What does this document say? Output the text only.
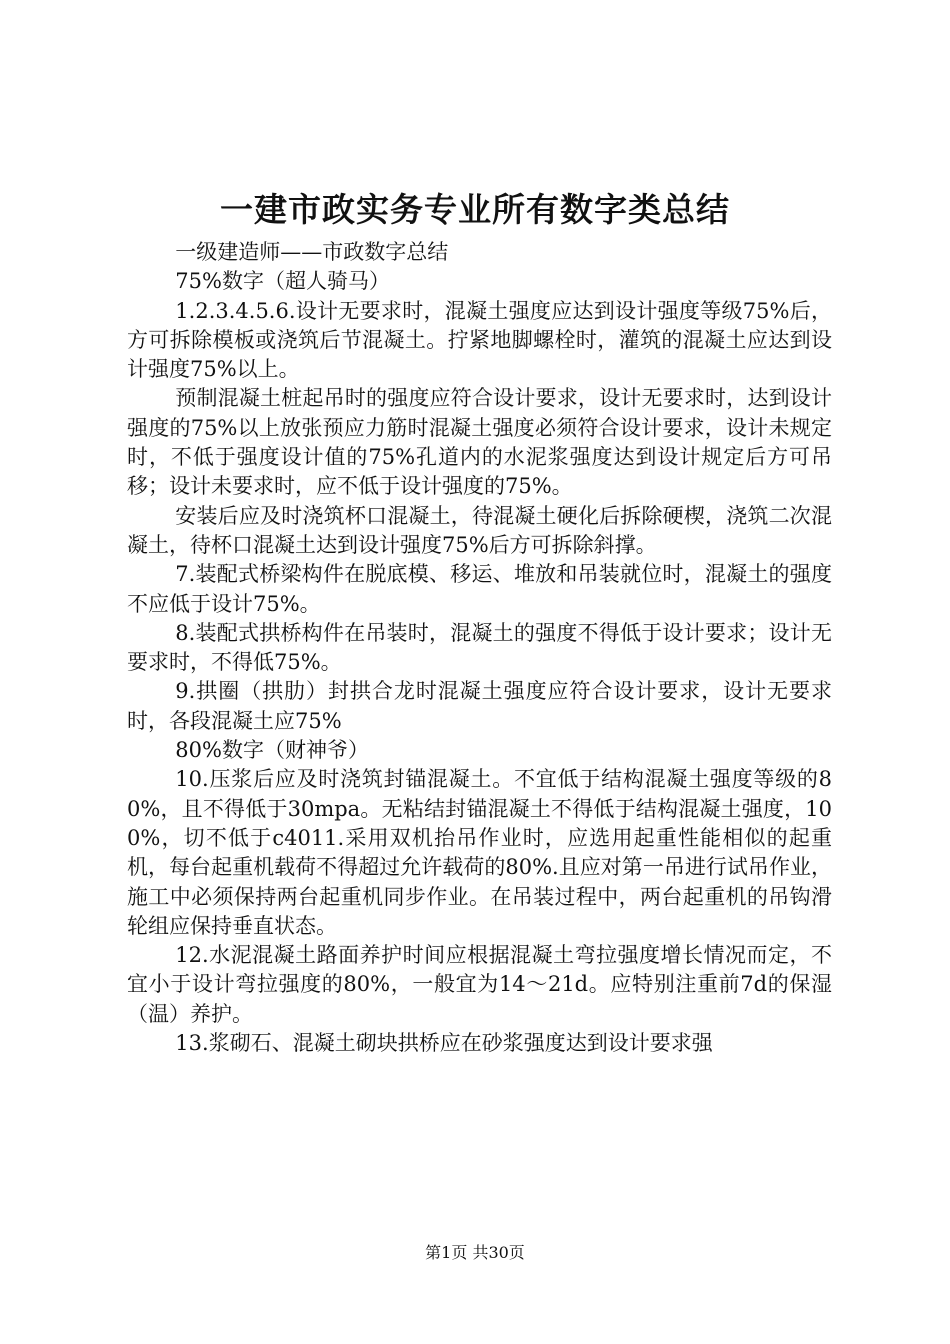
一建市政实务专业所有数字类总结

一级建造师——市政数字总结

75%数字（超人骑马）

1.2.3.4.5.6.设计无要求时，混凝土强度应达到设计强度等级75%后，方可拆除模板或浇筑后节混凝土。拧紧地脚螺栓时，灌筑的混凝土应达到设计强度75%以上。

预制混凝土桩起吊时的强度应符合设计要求，设计无要求时，达到设计强度的75%以上放张预应力筋时混凝土强度必须符合设计要求，设计未规定时，不低于强度设计值的75%孔道内的水泥浆强度达到设计规定后方可吊移；设计未要求时，应不低于设计强度的75%。

安装后应及时浇筑杯口混凝土，待混凝土硬化后拆除硬楔，浇筑二次混凝土，待杯口混凝土达到设计强度75%后方可拆除斜撑。

7.装配式桥梁构件在脱底模、移运、堆放和吊装就位时，混凝土的强度不应低于设计75%。

8.装配式拱桥构件在吊装时，混凝土的强度不得低于设计要求；设计无要求时，不得低75%。

9.拱圈（拱肋）封拱合龙时混凝土强度应符合设计要求，设计无要求时，各段混凝土应75%

80%数字（财神爷）

10.压浆后应及时浇筑封锚混凝土。不宜低于结构混凝土强度等级的80%，且不得低于30mpa。无粘结封锚混凝土不得低于结构混凝土强度，100%，切不低于c4011.采用双机抬吊作业时，应选用起重性能相似的起重机，每台起重机载荷不得超过允许载荷的80%.且应对第一吊进行试吊作业，施工中必须保持两台起重机同步作业。在吊装过程中，两台起重机的吊钩滑轮组应保持垂直状态。

12.水泥混凝土路面养护时间应根据混凝土弯拉强度增长情况而定，不宜小于设计弯拉强度的80%，一般宜为14～21d。应特别注重前7d的保湿（温）养护。

13.浆砌石、混凝土砌块拱桥应在砂浆强度达到设计要求强

第1页 共30页
